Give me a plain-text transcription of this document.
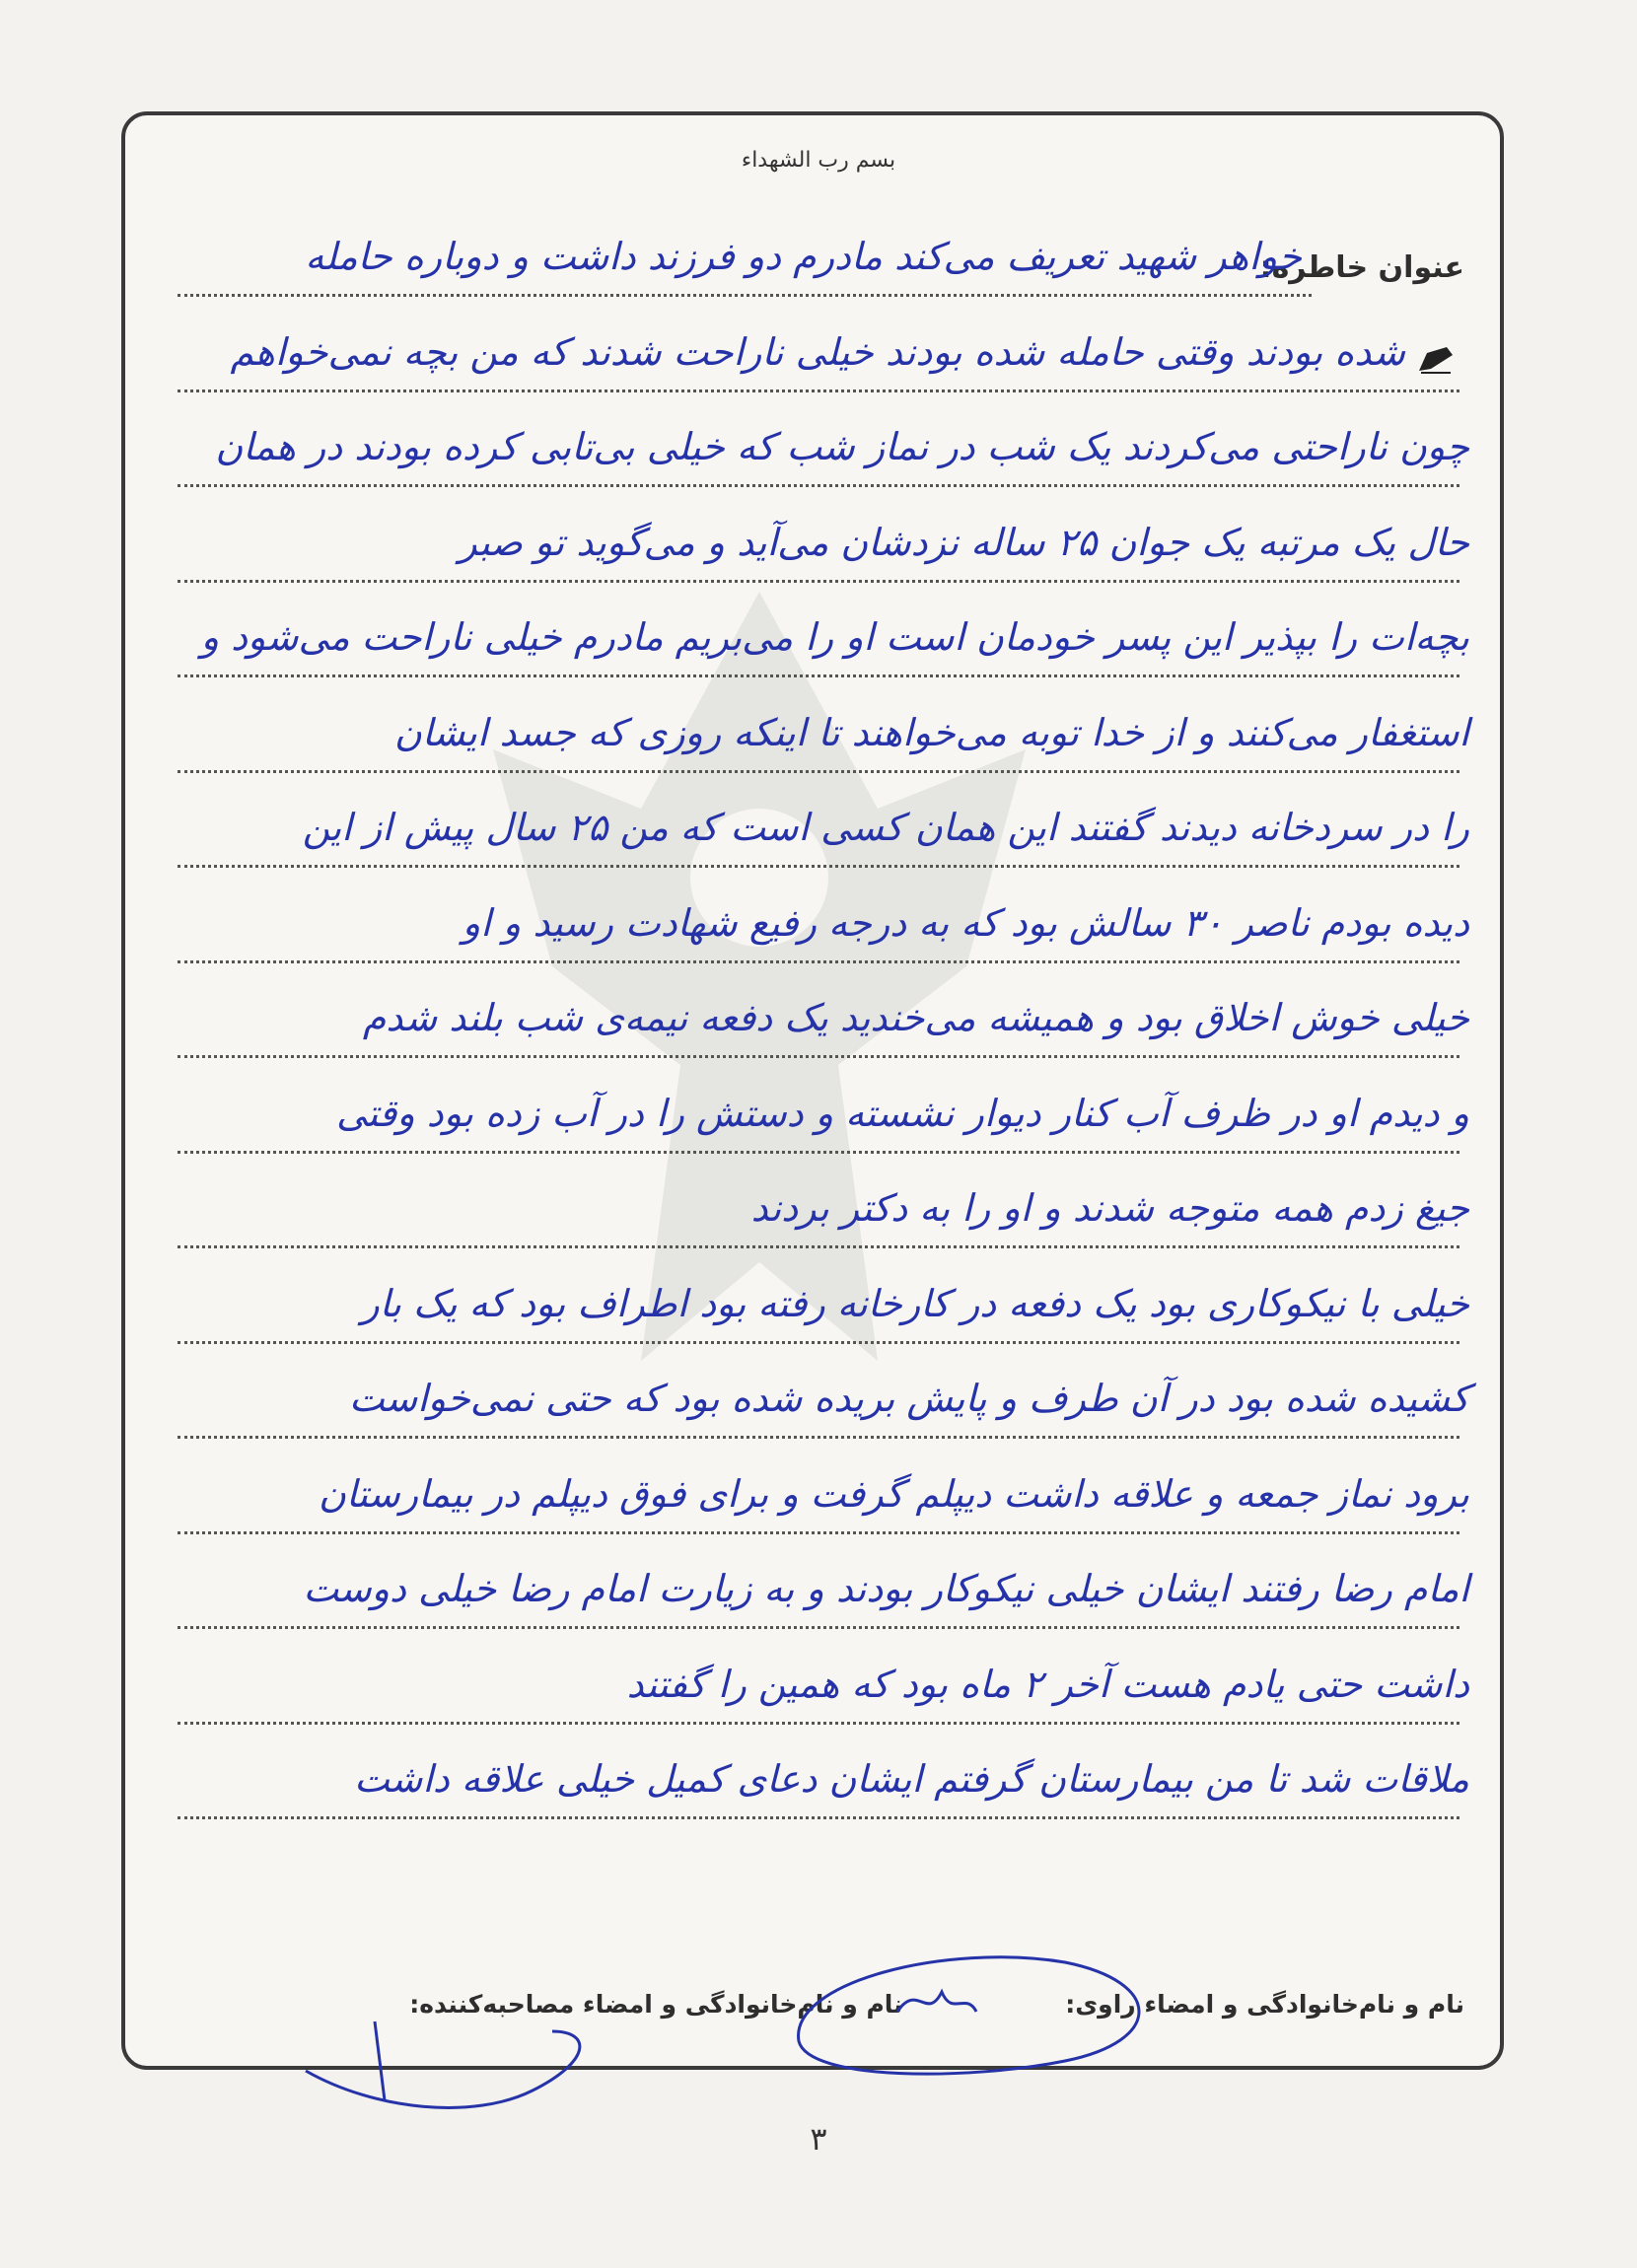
بسم رب الشهداء
عنوان خاطره:
خواهر شهید تعریف می‌کند مادرم دو فرزند داشت و دوباره حامله
شده بودند وقتی حامله شده بودند خیلی ناراحت شدند که من بچه نمی‌خواهم
چون ناراحتی می‌کردند یک شب در نماز شب که خیلی بی‌تابی کرده بودند در همان
حال یک مرتبه یک جوان ۲۵ ساله نزدشان می‌آید و می‌گوید تو صبر
بچه‌ات را بپذیر این پسر خودمان است او را می‌بریم مادرم خیلی ناراحت می‌شود و
استغفار می‌کنند و از خدا توبه می‌خواهند تا اینکه روزی که جسد ایشان
را در سردخانه دیدند گفتند این همان کسی است که من ۲۵ سال پیش از این
دیده بودم ناصر ۳۰ سالش بود که به درجه رفیع شهادت رسید و او
خیلی خوش اخلاق بود و همیشه می‌خندید یک دفعه نیمه‌ی شب بلند شدم
و دیدم او در ظرف آب کنار دیوار نشسته و دستش را در آب زده بود وقتی
جیغ زدم همه متوجه شدند و او را به دکتر بردند
خیلی با نیکوکاری بود یک دفعه در کارخانه رفته بود اطراف بود که یک بار
کشیده شده بود در آن طرف و پایش بریده شده بود که حتی نمی‌خواست
برود نماز جمعه و علاقه داشت دیپلم گرفت و برای فوق دیپلم در بیمارستان
امام رضا رفتند ایشان خیلی نیکوکار بودند و به زیارت امام رضا خیلی دوست
داشت حتی یادم هست آخر ۲ ماه بود که همین را گفتند
ملاقات شد تا من بیمارستان گرفتم ایشان دعای کمیل خیلی علاقه داشت
نام و نام‌خانوادگی و امضاء راوی:                  نام و نام‌خانوادگی و امضاء مصاحبه‌کننده:
۳
